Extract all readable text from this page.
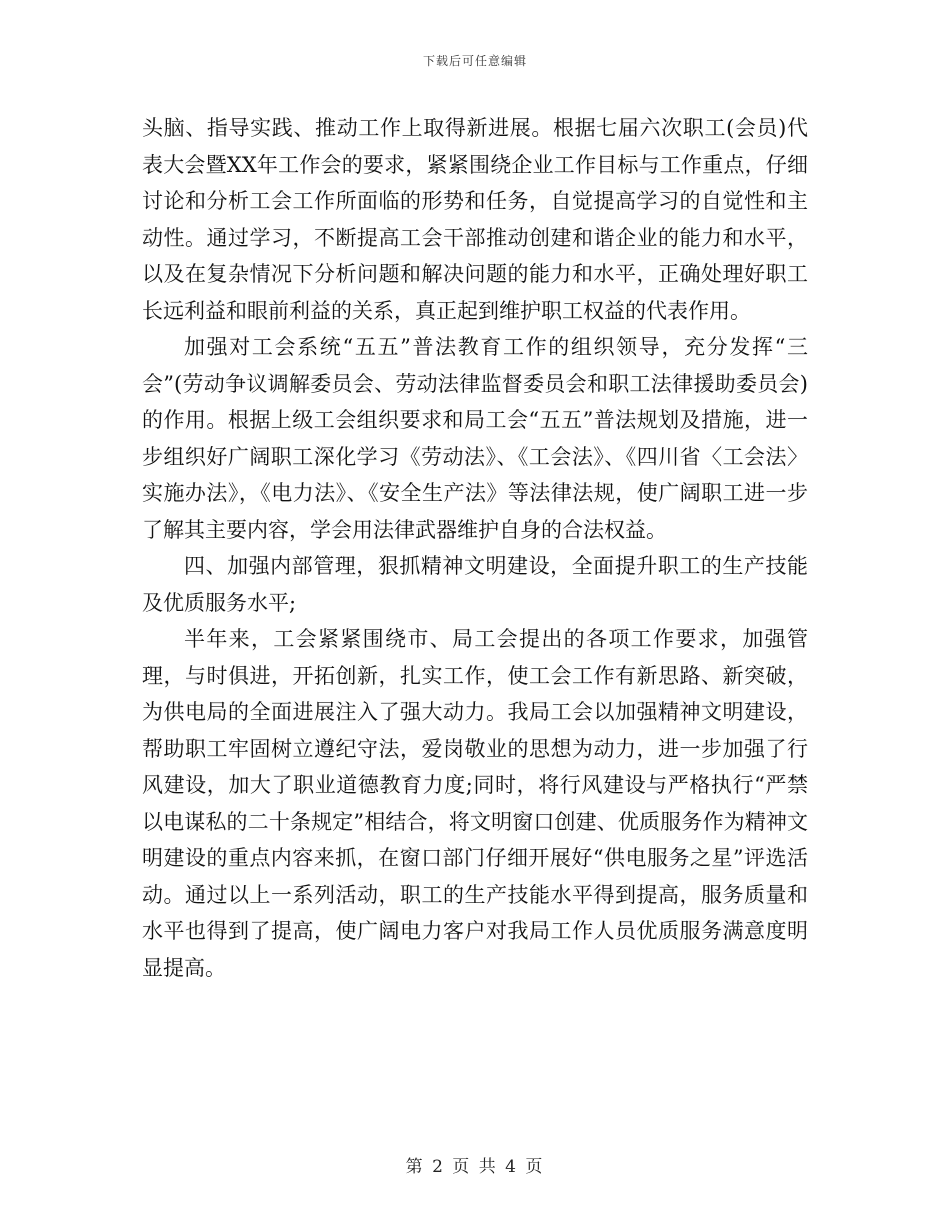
下载后可任意编辑

头脑、指导实践、推动工作上取得新进展。根据七届六次职工(会员)代表大会暨XX年工作会的要求，紧紧围绕企业工作目标与工作重点，仔细讨论和分析工会工作所面临的形势和任务，自觉提高学习的自觉性和主动性。通过学习，不断提高工会干部推动创建和谐企业的能力和水平，以及在复杂情况下分析问题和解决问题的能力和水平，正确处理好职工长远利益和眼前利益的关系，真正起到维护职工权益的代表作用。

加强对工会系统“五五”普法教育工作的组织领导，充分发挥“三会”(劳动争议调解委员会、劳动法律监督委员会和职工法律援助委员会)的作用。根据上级工会组织要求和局工会“五五”普法规划及措施，进一步组织好广阔职工深化学习《劳动法》、《工会法》、《四川省〈工会法〉实施办法》，《电力法》、《安全生产法》等法律法规，使广阔职工进一步了解其主要内容，学会用法律武器维护自身的合法权益。

四、加强内部管理，狠抓精神文明建设，全面提升职工的生产技能及优质服务水平;

半年来，工会紧紧围绕市、局工会提出的各项工作要求，加强管理，与时俱进，开拓创新，扎实工作，使工会工作有新思路、新突破，为供电局的全面进展注入了强大动力。我局工会以加强精神文明建设，帮助职工牢固树立遵纪守法，爱岗敬业的思想为动力，进一步加强了行风建设，加大了职业道德教育力度;同时，将行风建设与严格执行“严禁以电谋私的二十条规定”相结合，将文明窗口创建、优质服务作为精神文明建设的重点内容来抓，在窗口部门仔细开展好“供电服务之星”评选活动。通过以上一系列活动，职工的生产技能水平得到提高，服务质量和水平也得到了提高，使广阔电力客户对我局工作人员优质服务满意度明显提高。

第 2 页 共 4 页
